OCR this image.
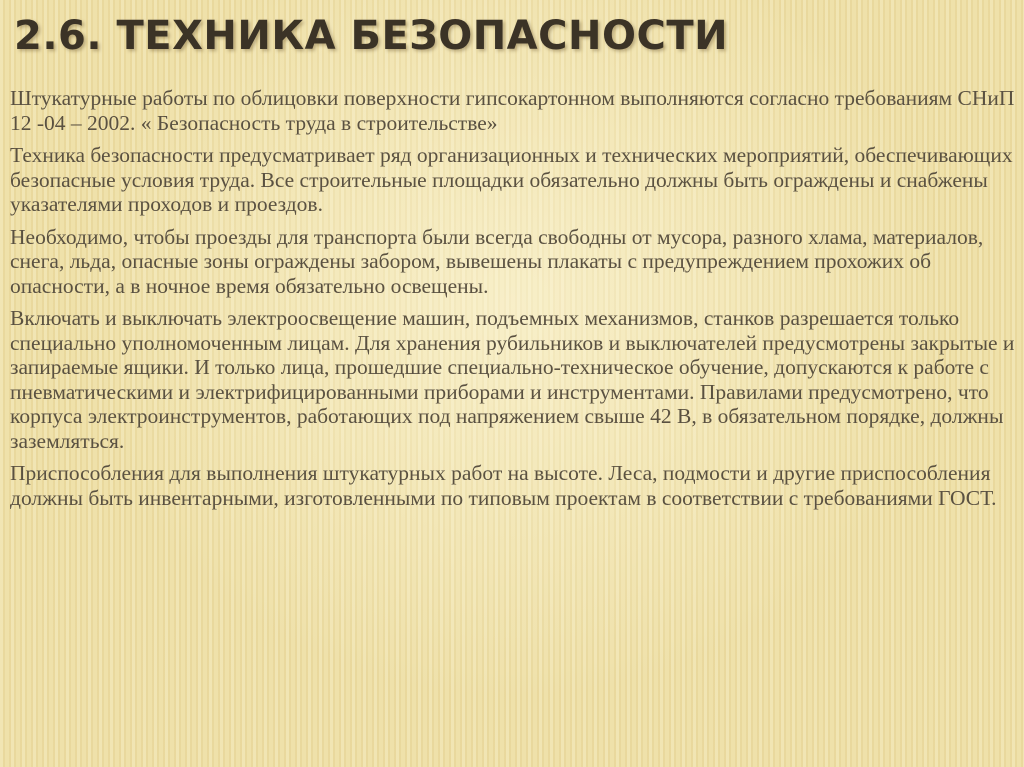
2.6. ТЕХНИКА БЕЗОПАСНОСТИ

Штукатурные работы по облицовки поверхности гипсокартонном выполняются согласно требованиям СНиП 12 -04 – 2002. « Безопасность труда в строительстве»

Техника безопасности предусматривает ряд организационных и технических мероприятий, обеспечивающих безопасные условия труда. Все строительные площадки обязательно должны быть ограждены и снабжены указателями проходов и проездов.

Необходимо, чтобы проезды для транспорта были всегда свободны от мусора, разного хлама, материалов, снега, льда, опасные зоны ограждены забором, вывешены плакаты с предупреждением прохожих об опасности, а в ночное время обязательно освещены.

Включать и выключать электроосвещение машин, подъемных механизмов, станков разрешается только специально уполномоченным лицам. Для хранения рубильников и выключателей предусмотрены закрытые и запираемые ящики. И только лица, прошедшие специально-техническое обучение, допускаются к работе с пневматическими и электрифицированными приборами и инструментами. Правилами предусмотрено, что корпуса электроинструментов, работающих под напряжением свыше 42 В, в обязательном порядке, должны заземляться.

Приспособления для выполнения штукатурных работ на высоте. Леса, подмости и другие приспособления должны быть инвентарными, изготовленными по типовым проектам в соответствии с требованиями ГОСТ.
